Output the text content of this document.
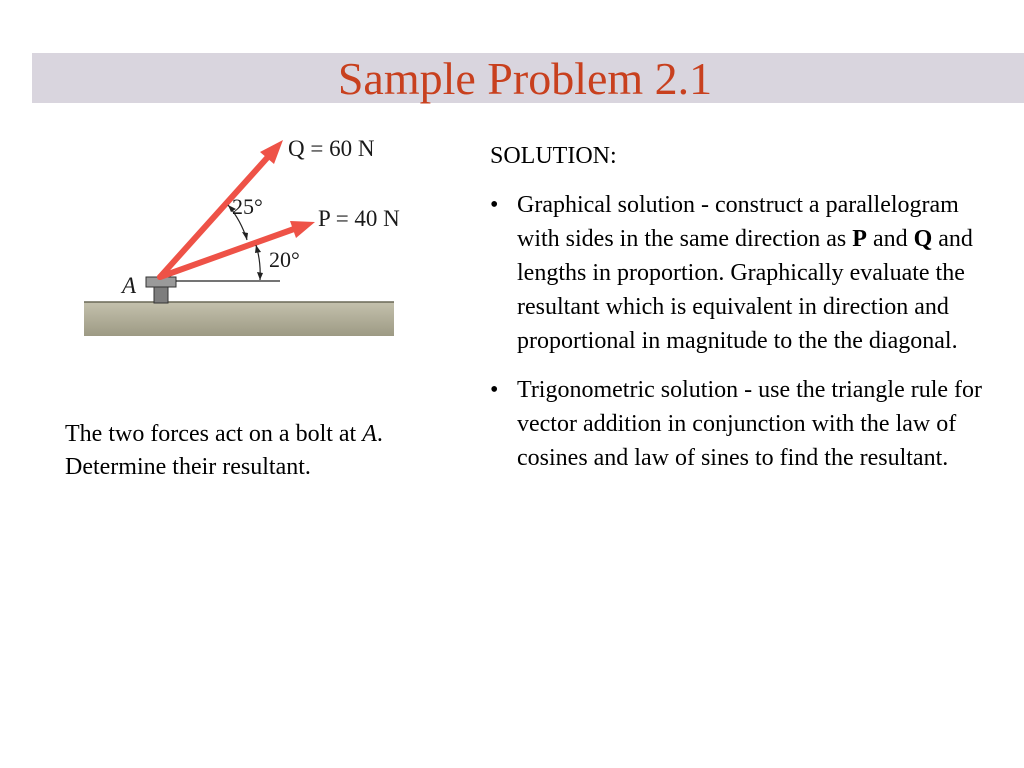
Sample Problem 2.1
Q = 60 N
P = 40 N
25°
20°
A
The two forces act on a bolt at A. Determine their resultant.
SOLUTION:
• Graphical solution - construct a parallelogram with sides in the same direction as P and Q and lengths in proportion. Graphically evaluate the resultant which is equivalent in direction and proportional in magnitude to the the diagonal.
• Trigonometric solution - use the triangle rule for vector addition in conjunction with the law of cosines and law of sines to find the resultant.
